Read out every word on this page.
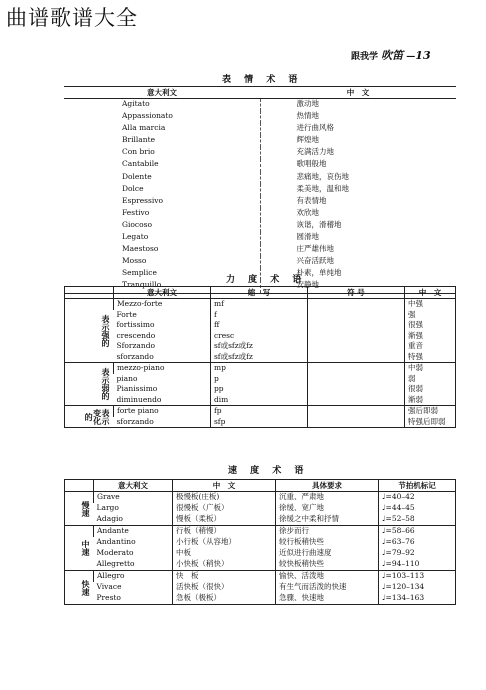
曲谱歌谱大全
跟我学 吹笛 —13
表 情 术 语
意大利文	中　文
Agitato	激动地
Appassionato	热情地
Alla marcia	进行曲风格
Brillante	辉煌地
Con brio	充满活力地
Cantabile	歌唱般地
Dolente	悲痛地，哀伤地
Dolce	柔美地，温和地
Espressivo	有表情地
Festivo	欢欣地
Giocoso	诙谐，滑稽地
Legato	圆滑地
Maestoso	庄严雄伟地
Mosso	兴奋活跃地
Semplice	朴素，单纯地
Tranquillo	安静地
力 度 术 语
	意大利文	缩　写	符 号	中　文
表示强的	Mezzo-forte	mf		中强
	Forte	f		强
	fortissimo	ff		很强
	crescendo	cresc		渐强
	Sforzando	sf或sfz或fz		重音
	sforzando	sf或sfz或fz		特强
表示弱的	mezzo-piano	mp		中弱
	piano	p		弱
	Pianissimo	pp		很弱
	diminuendo	dim		渐弱
表示变化的	forte piano	fp		强后即弱
	sforzando	sfp		特强后即弱
速 度 术 语
	意大利文	中　文	具体要求	节拍机标记
慢速	Grave	极慢板(庄板)	沉重、严肃地	♩=40–42
	Largo	很慢板（广板）	徐缓、宽广地	♩=44–45
	Adagio	慢板（柔板）	徐缓之中柔和抒情	♩=52–58
中速	Andante	行板（稍慢）	徐步而行	♩=58–66
	Andantino	小行板（从容地）	较行板稍快些	♩=63–76
	Moderato	中板	近似进行曲速度	♩=79–92
	Allegretto	小快板（稍快）	较快板稍快些	♩=94–110
快速	Allegro	快　板	愉快、活泼地	♩=103–113
	Vivace	活快板（很快）	有生气而活泼的快速	♩=120–134
	Presto	急板（极板）	急骤、快速地	♩=134–163
